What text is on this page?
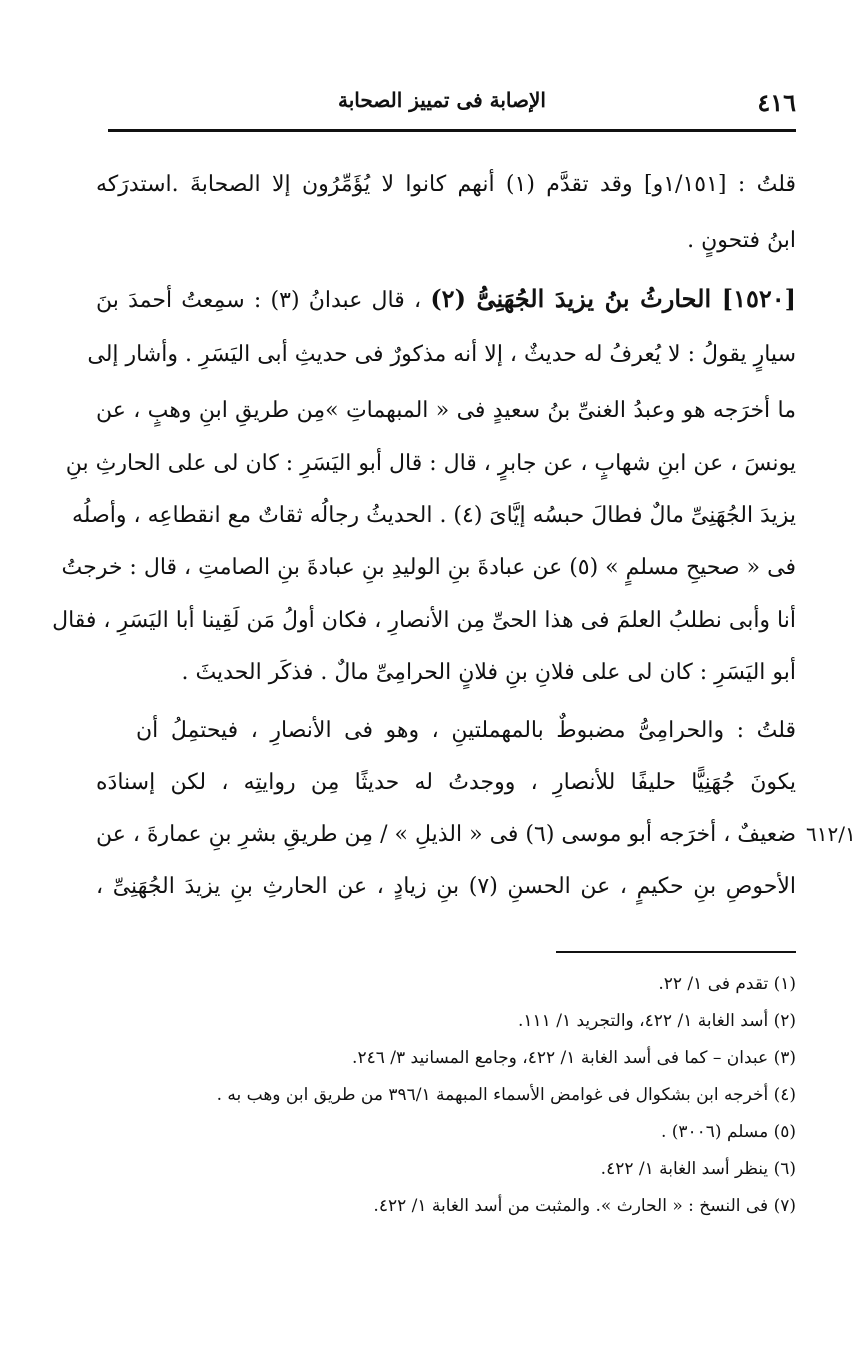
٤١٦
الإصابة فى تمييز الصحابة
قلتُ : [١/١٥١و] وقد تقدَّم (١) أنهم كانوا لا يُؤَمِّرُون إلا الصحابةَ .استدرَكه
ابنُ فتحونٍ .
[١٥٢٠] الحارثُ بنُ يزيدَ الجُهَنِىُّ (٢) ، قال عبدانُ (٣) : سمِعتُ أحمدَ بنَ
سيارٍ يقولُ : لا يُعرفُ له حديثٌ ، إلا أنه مذكورٌ فى حديثِ أبى اليَسَرِ . وأشار إلى
ما أخرَجه هو وعبدُ الغنىِّ بنُ سعيدٍ فى « المبهماتِ »مِن طريقِ ابنِ وهبٍ ، عن
يونسَ ، عن ابنِ شهابٍ ، عن جابرٍ ، قال : قال أبو اليَسَرِ : كان لى على الحارثِ بنِ
يزيدَ الجُهَنِىِّ مالٌ فطالَ حبسُه إيَّاىَ (٤) . الحديثُ رجالُه ثقاتٌ مع انقطاعِه ، وأصلُه
فى « صحيحِ مسلمٍ » (٥) عن عبادةَ بنِ الوليدِ بنِ عبادةَ بنِ الصامتِ ، قال : خرجتُ
أنا وأبى نطلبُ العلمَ فى هذا الحىِّ مِن الأنصارِ ، فكان أولُ مَن لَقِينا أبا اليَسَرِ ، فقال
أبو اليَسَرِ : كان لى على فلانِ بنِ فلانٍ الحرامِىِّ مالٌ . فذكَر الحديثَ .
قلتُ : والحرامِىُّ مضبوطٌ بالمهملتينِ ، وهو فى الأنصارِ ، فيحتمِلُ أن
يكونَ جُهَنِيًّا حليفًا للأنصارِ ، ووجدتُ له حديثًا مِن روايتِه ، لكن إسنادَه
ضعيفٌ ، أخرَجه أبو موسى (٦) فى « الذيلِ » / مِن طريقِ بشرِ بنِ عمارةَ ، عن
الأحوصِ بنِ حكيمٍ ، عن الحسنِ (٧) بنِ زيادٍ ، عن الحارثِ بنِ يزيدَ الجُهَنِىِّ ،
٦١٢/١
(١) تقدم فى ١/ ٢٢.
(٢) أسد الغابة ١/ ٤٢٢، والتجريد ١/ ١١١.
(٣) عبدان – كما فى أسد الغابة ١/ ٤٢٢، وجامع المسانيد ٣/ ٢٤٦.
(٤) أخرجه ابن بشكوال فى غوامض الأسماء المبهمة ٣٩٦/١ من طريق ابن وهب به .
(٥) مسلم (٣٠٠٦) .
(٦) ينظر أسد الغابة ١/ ٤٢٢.
(٧) فى النسخ : « الحارث ». والمثبت من أسد الغابة ١/ ٤٢٢.
